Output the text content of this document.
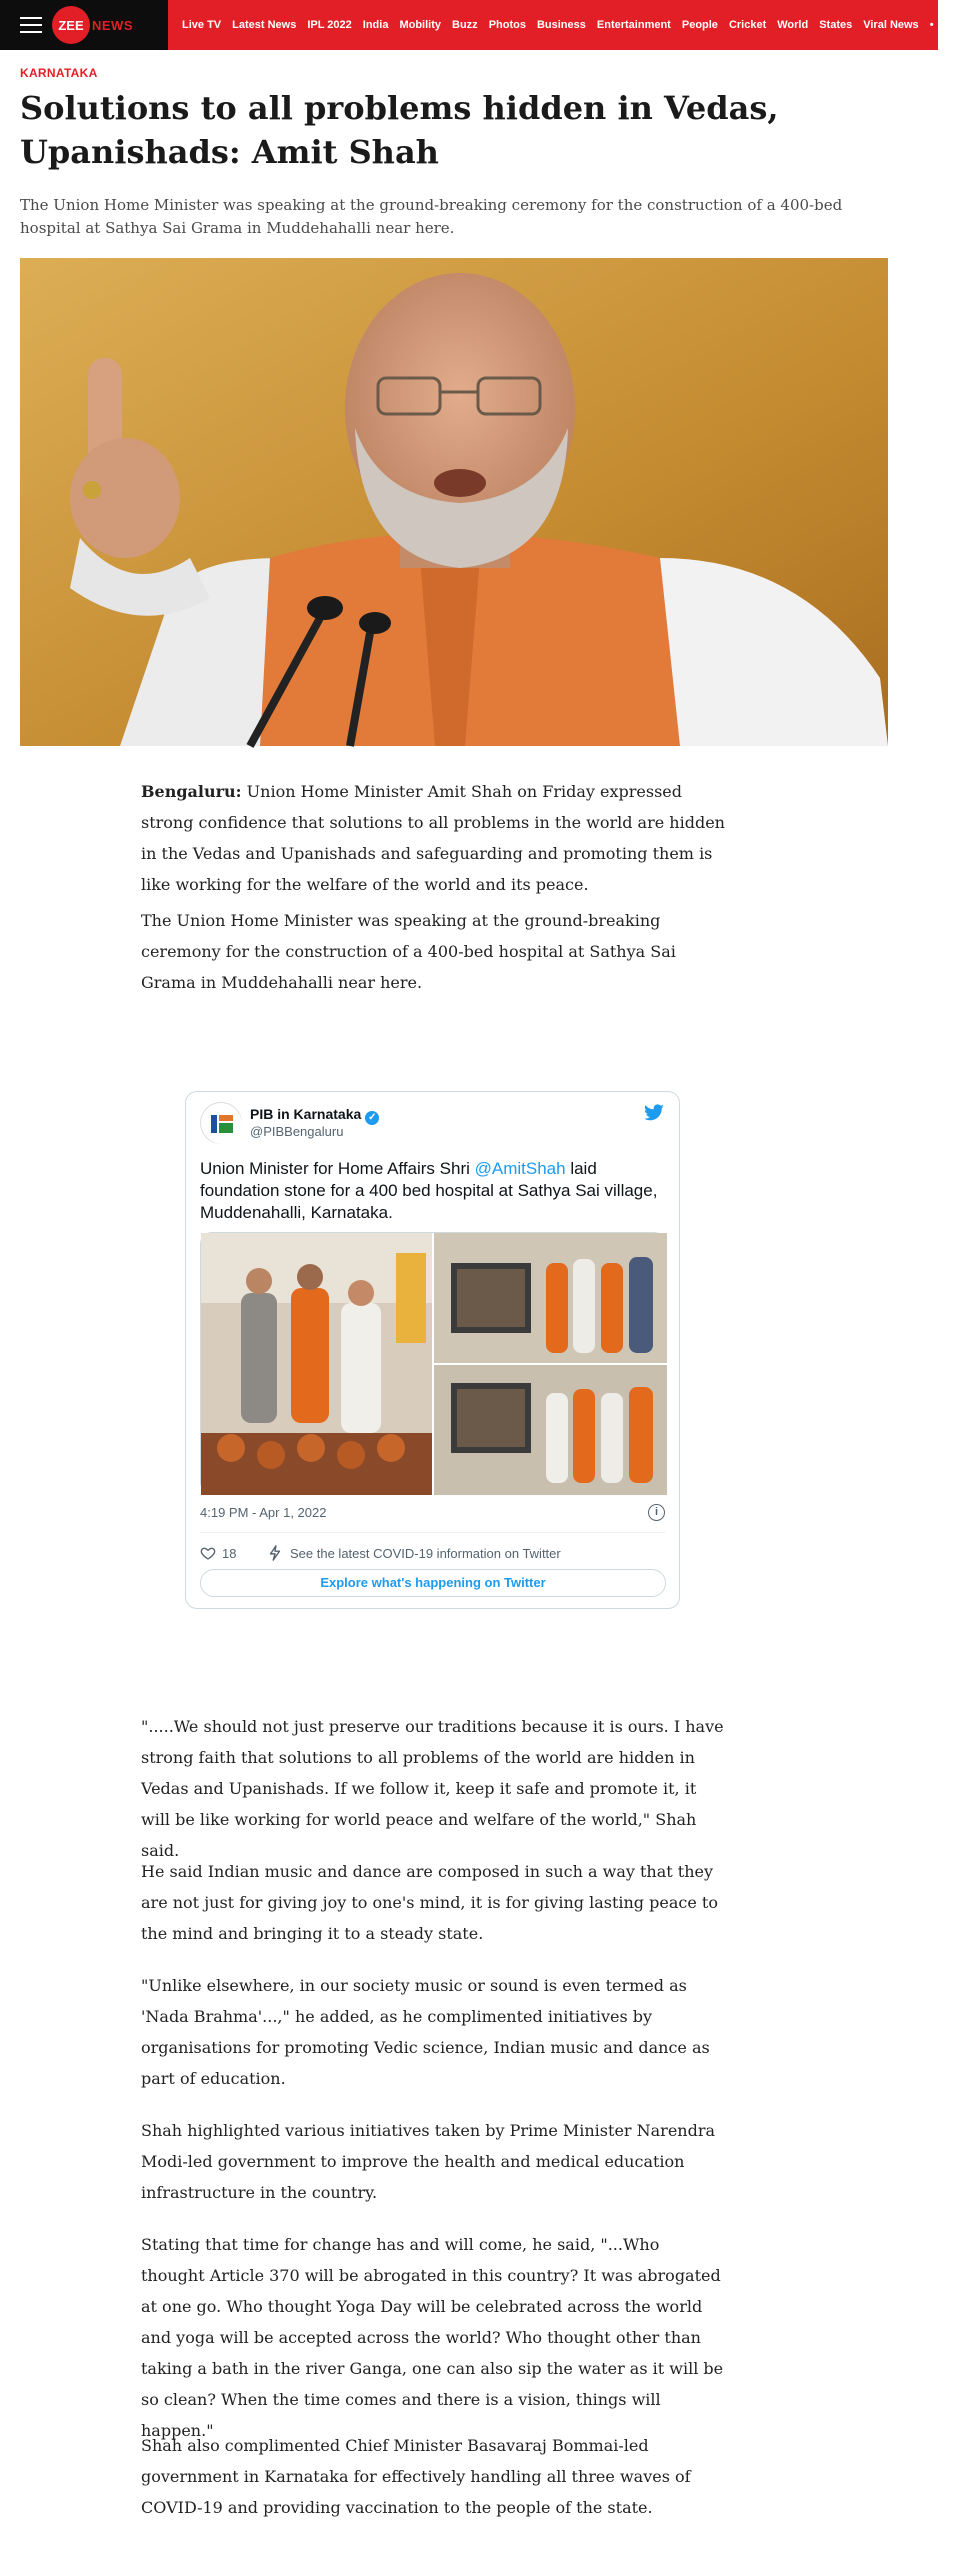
ZEE NEWS	Live TV Latest News IPL 2022 India Mobility Buzz Photos Business Entertainment People Cricket World States Viral News • • •
KARNATAKA
Solutions to all problems hidden in Vedas, Upanishads: Amit Shah

The Union Home Minister was speaking at the ground-breaking ceremony for the construction of a 400-bed hospital at Sathya Sai Grama in Muddehahalli near here.

Bengaluru: Union Home Minister Amit Shah on Friday expressed strong confidence that solutions to all problems in the world are hidden in the Vedas and Upanishads and safeguarding and promoting them is like working for the welfare of the world and its peace.

The Union Home Minister was speaking at the ground-breaking ceremony for the construction of a 400-bed hospital at Sathya Sai Grama in Muddehahalli near here.

PIB in Karnataka ✓
@PIBBengaluru
Union Minister for Home Affairs Shri @AmitShah laid foundation stone for a 400 bed hospital at Sathya Sai village, Muddenahalli, Karnataka.
4:19 PM - Apr 1, 2022	i
18	See the latest COVID-19 information on Twitter
Explore what's happening on Twitter

".....We should not just preserve our traditions because it is ours. I have strong faith that solutions to all problems of the world are hidden in Vedas and Upanishads. If we follow it, keep it safe and promote it, it will be like working for world peace and welfare of the world," Shah said.

He said Indian music and dance are composed in such a way that they are not just for giving joy to one's mind, it is for giving lasting peace to the mind and bringing it to a steady state.

"Unlike elsewhere, in our society music or sound is even termed as 'Nada Brahma'...," he added, as he complimented initiatives by organisations for promoting Vedic science, Indian music and dance as part of education.

Shah highlighted various initiatives taken by Prime Minister Narendra Modi-led government to improve the health and medical education infrastructure in the country.

Stating that time for change has and will come, he said, "...Who thought Article 370 will be abrogated in this country? It was abrogated at one go. Who thought Yoga Day will be celebrated across the world and yoga will be accepted across the world? Who thought other than taking a bath in the river Ganga, one can also sip the water as it will be so clean? When the time comes and there is a vision, things will happen."

Shah also complimented Chief Minister Basavaraj Bommai-led government in Karnataka for effectively handling all three waves of COVID-19 and providing vaccination to the people of the state.
